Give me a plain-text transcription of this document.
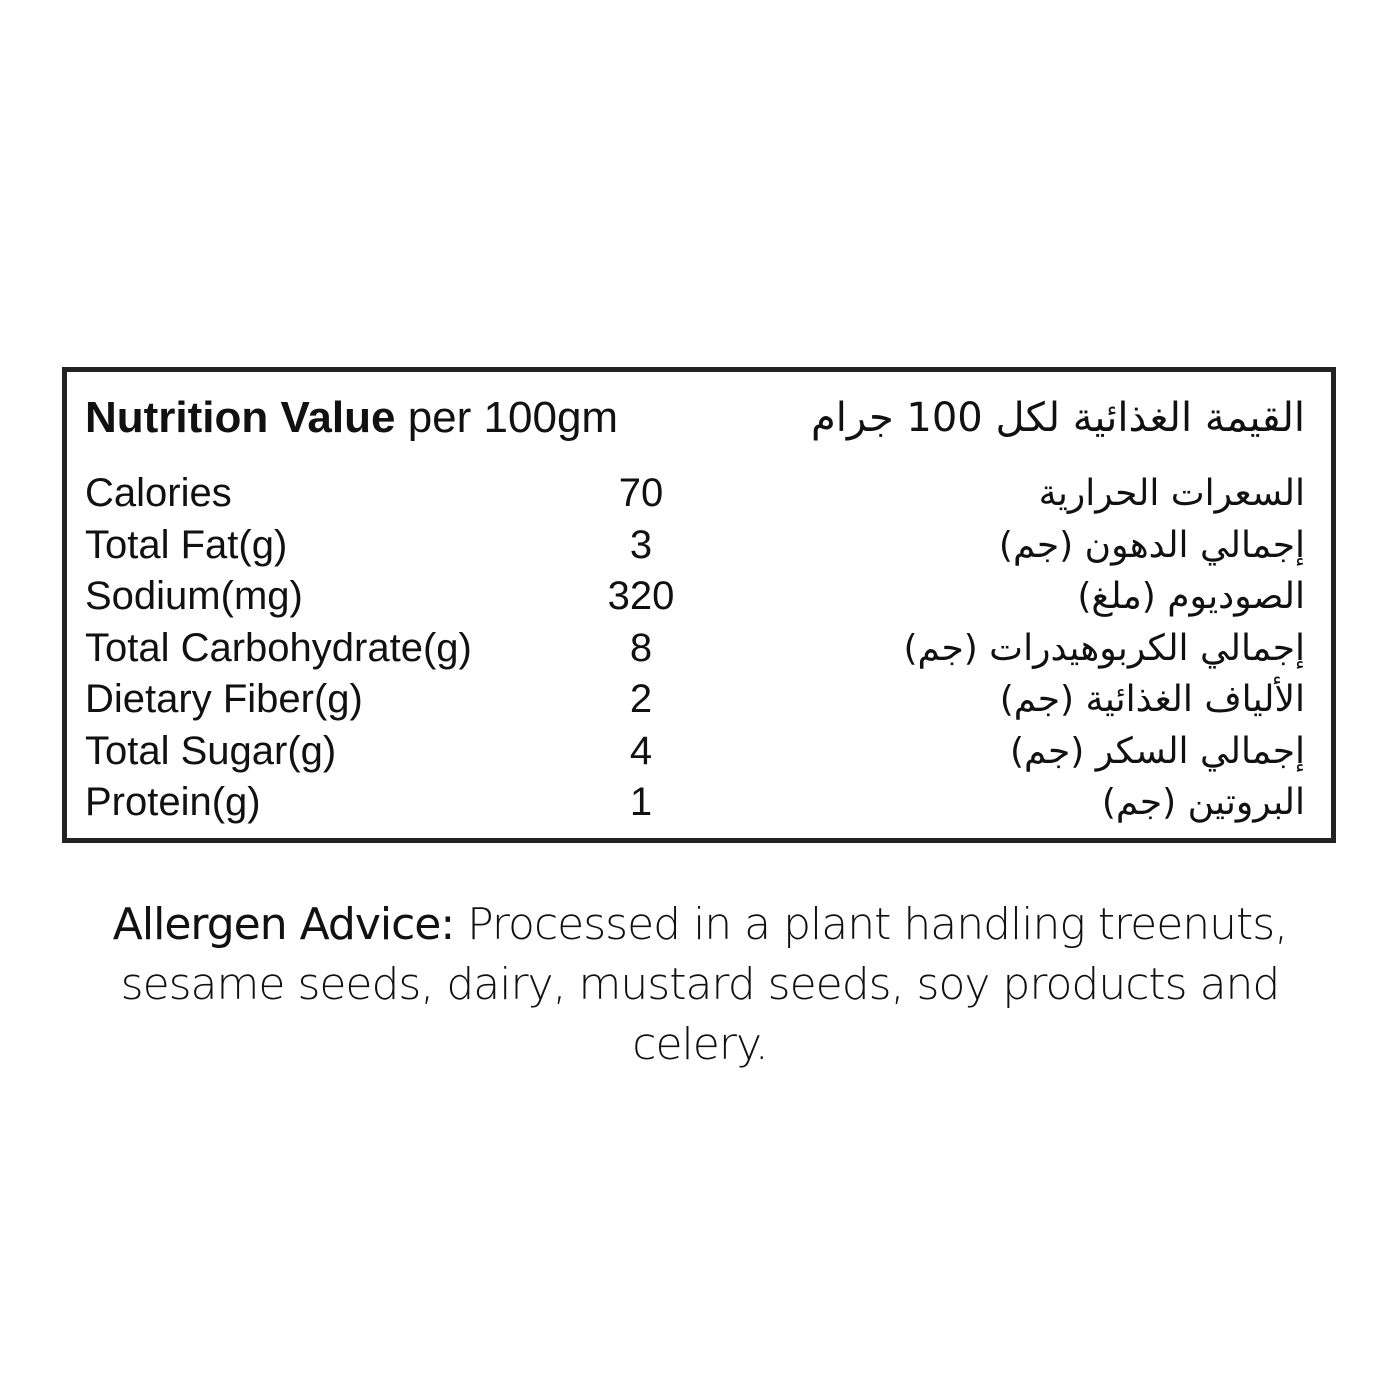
Nutrition Value per 100gm	القيمة الغذائية لكل 100 جرام
Calories	70	السعرات الحرارية
Total Fat(g)	3	إجمالي الدهون (جم)
Sodium(mg)	320	الصوديوم (ملغ)
Total Carbohydrate(g)	8	إجمالي الكربوهيدرات (جم)
Dietary Fiber(g)	2	الألياف الغذائية (جم)
Total Sugar(g)	4	إجمالي السكر (جم)
Protein(g)	1	البروتين (جم)
Allergen Advice: Processed in a plant handling treenuts,
sesame seeds, dairy, mustard seeds, soy products and celery.
